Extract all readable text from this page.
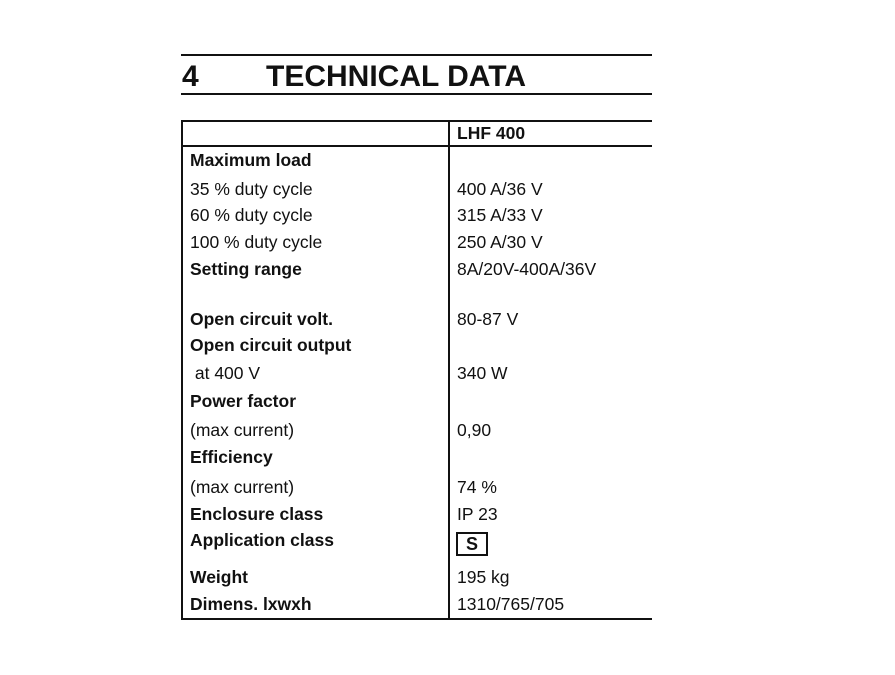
4 TECHNICAL DATA
LHF 400
Maximum load
35 % duty cycle	400 A/36 V
60 % duty cycle	315 A/33 V
100 % duty cycle	250 A/30 V
Setting range	8A/20V-400A/36V
Open circuit volt.	80-87 V
Open circuit output
at 400 V	340 W
Power factor
(max current)	0,90
Efficiency
(max current)	74 %
Enclosure class	IP 23
Application class	S
Weight	195 kg
Dimens. lxwxh	1310/765/705
